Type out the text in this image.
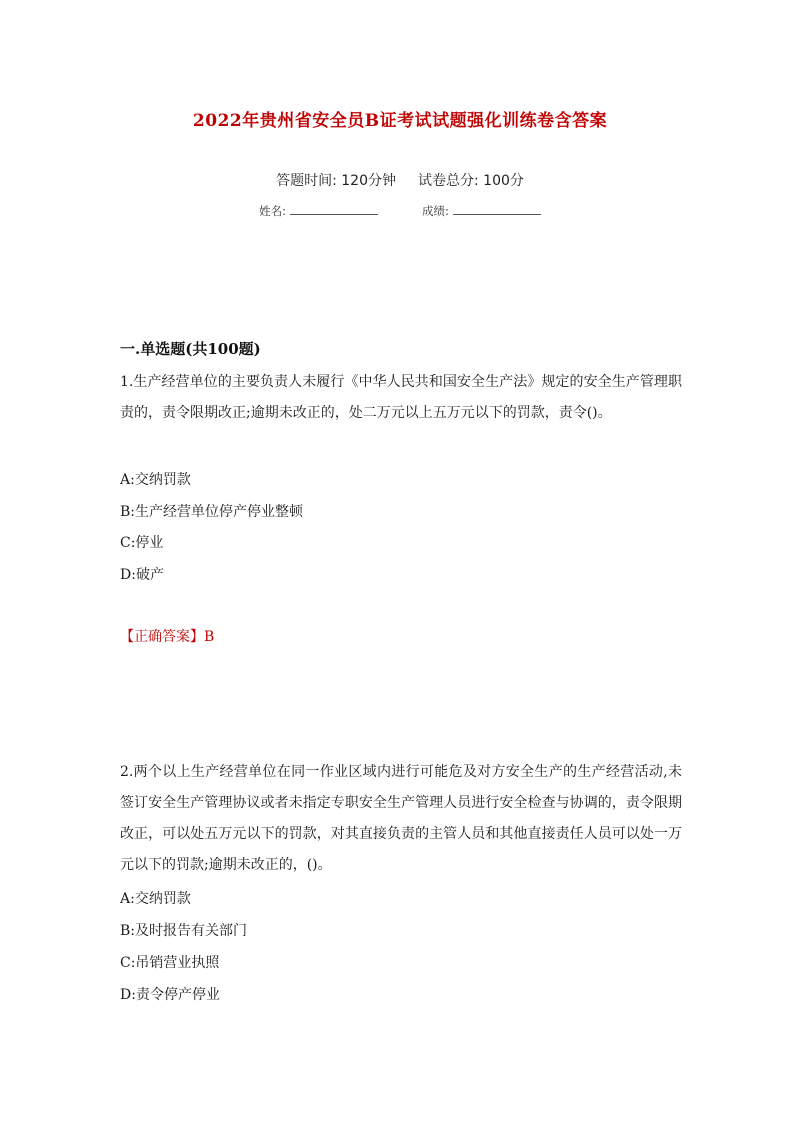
2022年贵州省安全员B证考试试题强化训练卷含答案
答题时间: 120分钟 试卷总分: 100分
姓名:	成绩:
一.单选题(共100题)
1.生产经营单位的主要负责人未履行《中华人民共和国安全生产法》规定的安全生产管理职责的，责令限期改正;逾期未改正的，处二万元以上五万元以下的罚款，责令()。
A:交纳罚款
B:生产经营单位停产停业整顿
C:停业
D:破产
【正确答案】B
2.两个以上生产经营单位在同一作业区域内进行可能危及对方安全生产的生产经营活动,未签订安全生产管理协议或者未指定专职安全生产管理人员进行安全检查与协调的，责令限期改正，可以处五万元以下的罚款，对其直接负责的主管人员和其他直接责任人员可以处一万元以下的罚款;逾期未改正的，()。
A:交纳罚款
B:及时报告有关部门
C:吊销营业执照
D:责令停产停业
